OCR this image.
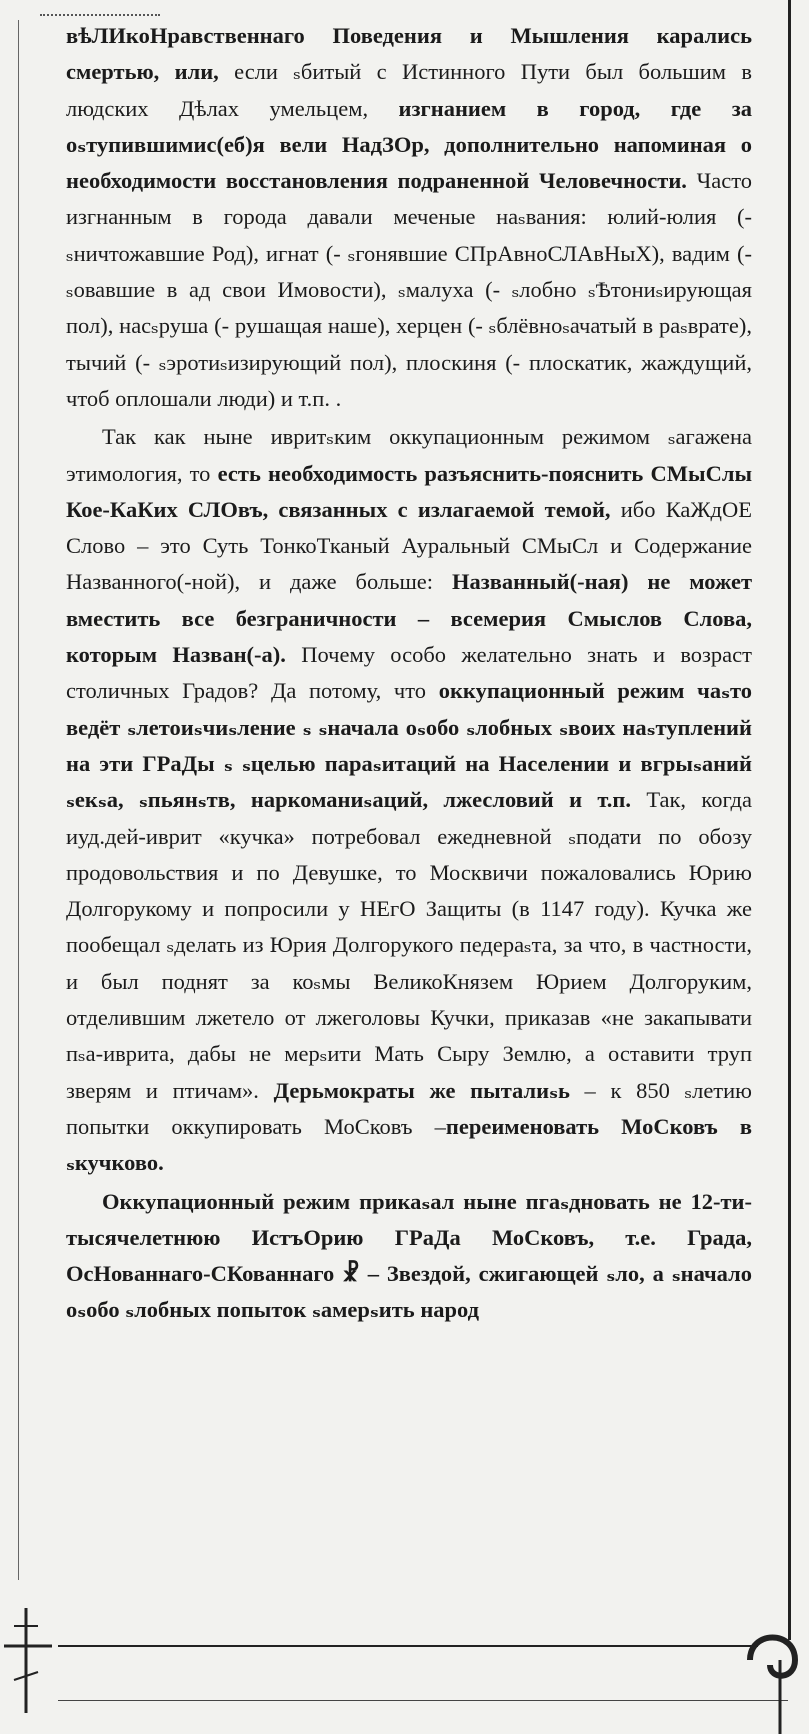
вѣЛИкоНравственнаго Поведения и Мышления карались смертью, или, если ₛбитый с Истинного Пути был большим в людских Дѣлах умельцем, изгнанием в город, где за оₛтупившимис(еб)я вели НадЗОр, дополнительно напоминая о необходимости восстановления подраненной Человечности. Часто изгнанным в города давали меченые наₛвания: юлий-юлия (- ₛничтожавшие Род), игнат (- ₛгонявшие СПрАвноСЛАвНыХ), вадим (- ₛовавшие в ад свои Имовости), ₛмалуха (- ₛлобно ₛѢтониₛирующая пол), насₛруша (- рушащая наше), херцен (- ₛблёвноₛачатый в раₛврате), тычий (- ₛэротиₛизирующий пол), плоскиня (- плоскатик, жаждущий, чтоб оплошали люди) и т.п. .

Так как ныне ивритₛким оккупационным режимом ₛагажена этимология, то есть необходимость разъяснить-пояснить СМыСлы Кое-КаКих СЛОвъ, связанных с излагаемой темой, ибо КаЖдОЕ Слово – это Суть ТонкоТканый Ауральный СМыСл и Содержание Названного(-ной), и даже больше: Названный(-ная) не может вместить все безграничности – всемерия Смыслов Слова, которым Назван(-а). Почему особо желательно знать и возраст столичных Градов? Да потому, что оккупационный режим чаₛто ведёт ₛлетоиₛчиₛление ₛ ₛначала оₛобо ₛлобных ₛвоих наₛтуплений на эти ГРаДы ₛ ₛцелью параₛитаций на Населении и вгрыₛаний ₛекₛа, ₛпьянₛтв, наркоманиₛаций, лжесловий и т.п. Так, когда иуд.дей-иврит «кучка» потребовал ежедневной ₛподати по обозу продовольствия и по Девушке, то Москвичи пожаловались Юрию Долгорукому и попросили у НЕгО Защиты (в 1147 году). Кучка же пообещал ₛделать из Юрия Долгорукого педераₛта, за что, в частности, и был поднят за коₛмы ВеликоКнязем Юрием Долгоруким, отделившим лжетело от лжеголовы Кучки, приказав «не закапывати пₛа-иврита, дабы не мерₛити Мать Сыру Землю, а оставити труп зверям и птичам». Дерьмократы же пыталиₛь – к 850 ₛлетию попытки оккупировать МоСковъ –переименовать МоСковъ в ₛкучково.

Оккупационный режим прикаₛал ныне пгаₛдновать не 12-ти-тысячелетнюю ИстъОрию ГРаДа МоСковъ, т.е. Града, ОсНованнаго-СКованнаго ☧ – Звездой, сжигающей ₛло, а ₛначало оₛобо ₛлобных попыток ₛамерₛить народ
